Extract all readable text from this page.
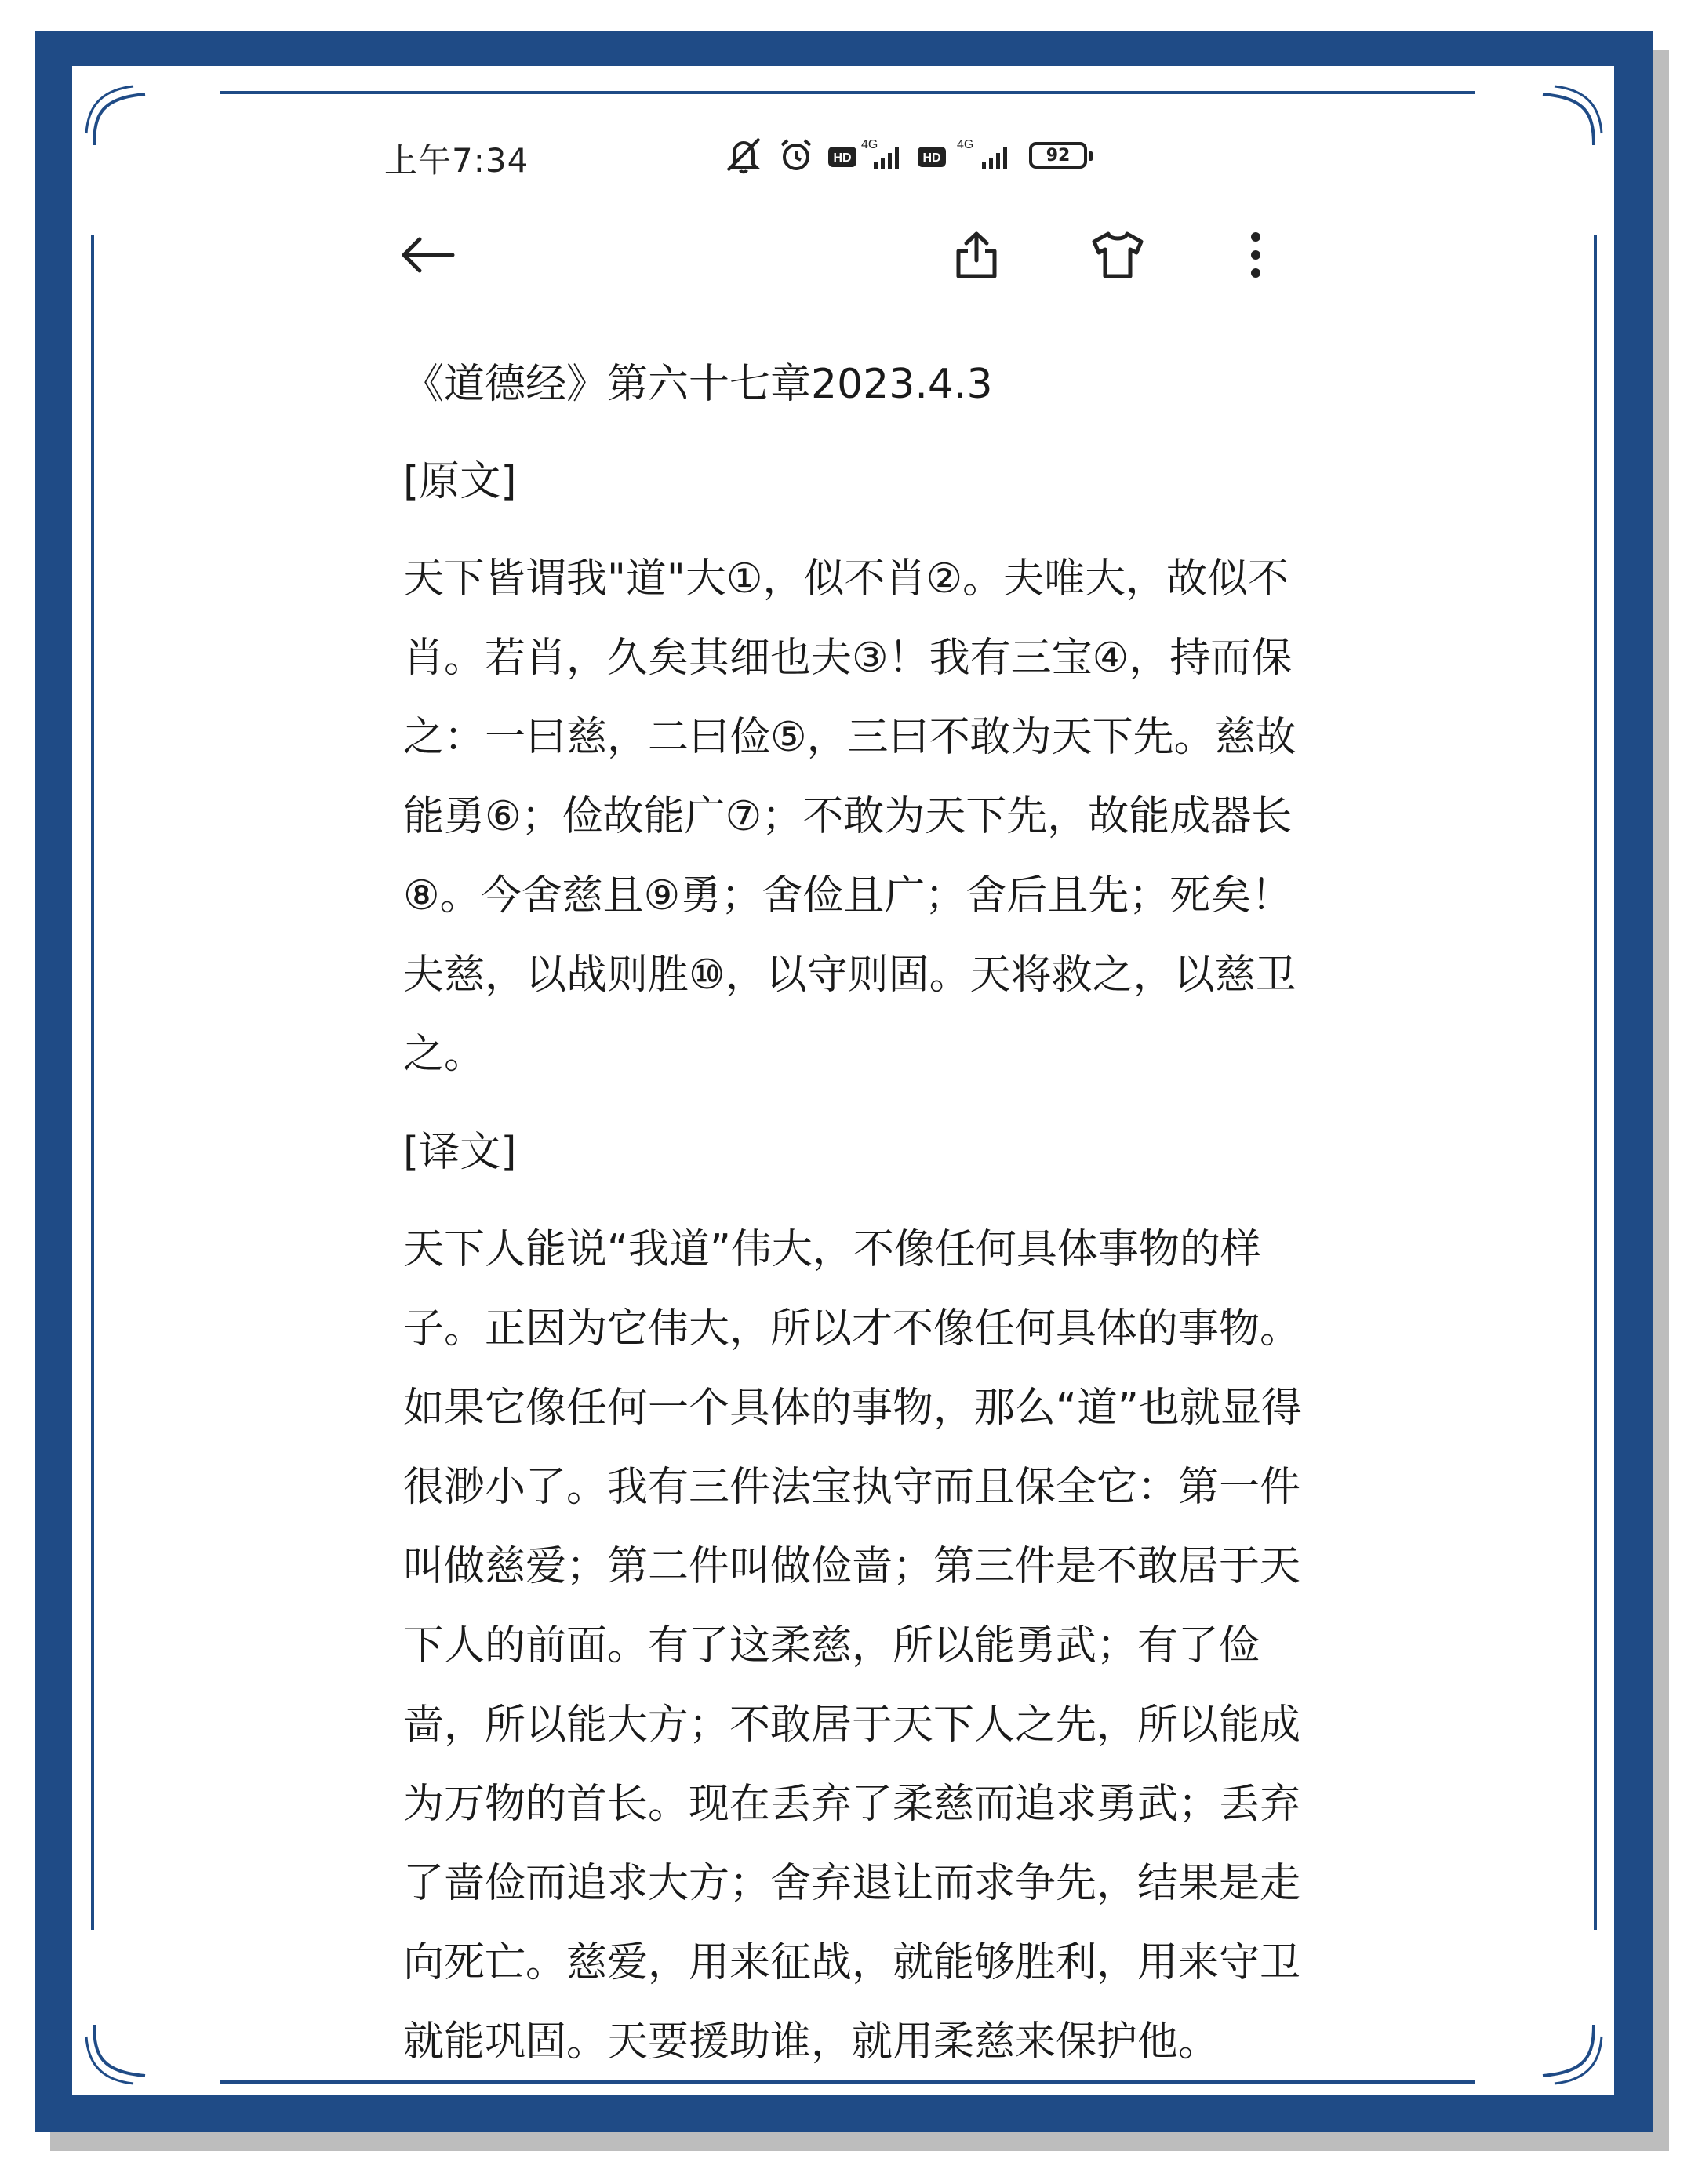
上午7:34	HD
4G
HD
4G
92
《道德经》第六十七章2023.4.3
[原文]
天下皆谓我"道"大①，似不肖②。夫唯大，故似不肖。若肖，久矣其细也夫③！我有三宝④，持而保之：一曰慈，二曰俭⑤，三曰不敢为天下先。慈故能勇⑥；俭故能广⑦；不敢为天下先，故能成器长⑧。今舍慈且⑨勇；舍俭且广；舍后且先；死矣！夫慈，以战则胜⑩，以守则固。天将救之，以慈卫之。
[译文]
天下人能说“我道”伟大，不像任何具体事物的样子。正因为它伟大，所以才不像任何具体的事物。如果它像任何一个具体的事物，那么“道”也就显得很渺小了。我有三件法宝执守而且保全它：第一件叫做慈爱；第二件叫做俭啬；第三件是不敢居于天下人的前面。有了这柔慈，所以能勇武；有了俭啬，所以能大方；不敢居于天下人之先，所以能成为万物的首长。现在丢弃了柔慈而追求勇武；丢弃了啬俭而追求大方；舍弃退让而求争先，结果是走向死亡。慈爱，用来征战，就能够胜利，用来守卫就能巩固。天要援助谁，就用柔慈来保护他。
